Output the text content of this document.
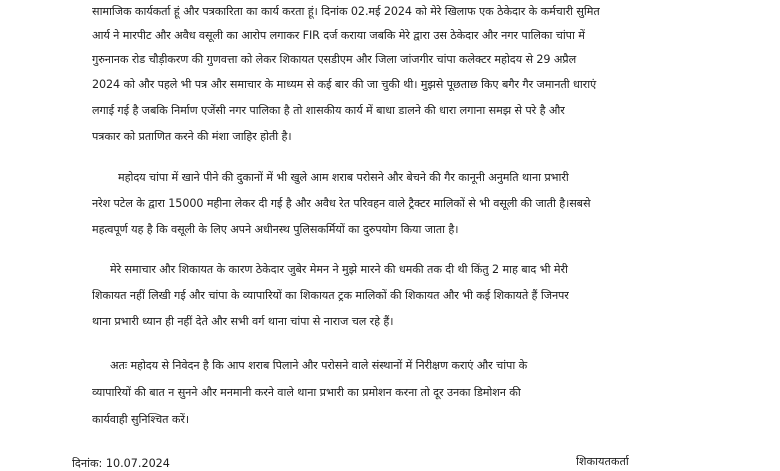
सामाजिक कार्यकर्ता हूं और पत्रकारिता का कार्य करता हूं। दिनांक 02.मई 2024 को मेरे खिलाफ एक ठेकेदार के कर्मचारी सुमित
आर्य ने मारपीट और अवैध वसूली का आरोप लगाकर FIR दर्ज कराया जबकि मेरे द्वारा उस ठेकेदार और नगर पालिका चांपा में
गुरुनानक रोड चौड़ीकरण की गुणवत्ता को लेकर शिकायत एसडीएम और जिला जांजगीर चांपा कलेक्टर महोदय से 29 अप्रैल
2024 को और पहले भी पत्र और समाचार के माध्यम से कई बार की जा चुकी थी। मुझसे पूछताछ किए बगैर गैर जमानती धाराएं
लगाई गई है जबकि निर्माण एजेंसी नगर पालिका है तो शासकीय कार्य में बाधा डालने की धारा लगाना समझ से परे है और
पत्रकार को प्रताणित करने की मंशा जाहिर होती है।
महोदय चांपा में खाने पीने की दुकानों में भी खुले आम शराब परोसने और बेचने की गैर कानूनी अनुमति थाना प्रभारी
नरेश पटेल के द्वारा 15000 महीना लेकर दी गई है और अवैध रेत परिवहन वाले ट्रैक्टर मालिकों से भी वसूली की जाती है।सबसे
महत्वपूर्ण यह है कि वसूली के लिए अपने अधीनस्थ पुलिसकर्मियों का दुरुपयोग किया जाता है।
मेरे समाचार और शिकायत के कारण ठेकेदार जुबेर मेमन ने मुझे मारने की धमकी तक दी थी किंतु 2 माह बाद भी मेरी
शिकायत नहीं लिखी गई और चांपा के व्यापारियों का शिकायत ट्रक मालिकों की शिकायत और भी कई शिकायते हैं जिनपर
थाना प्रभारी ध्यान ही नहीं देते और सभी वर्ग थाना चांपा से नाराज चल रहे हैं।
अतः महोदय से निवेदन है कि आप शराब पिलाने और परोसने वाले संस्थानों में निरीक्षण कराएं और चांपा के
व्यापारियों की बात न सुनने और मनमानी करने वाले थाना प्रभारी का प्रमोशन करना तो दूर उनका डिमोशन की
कार्यवाही सुनिश्चित करें।
दिनांक: 10.07.2024	शिकायतकर्ता
